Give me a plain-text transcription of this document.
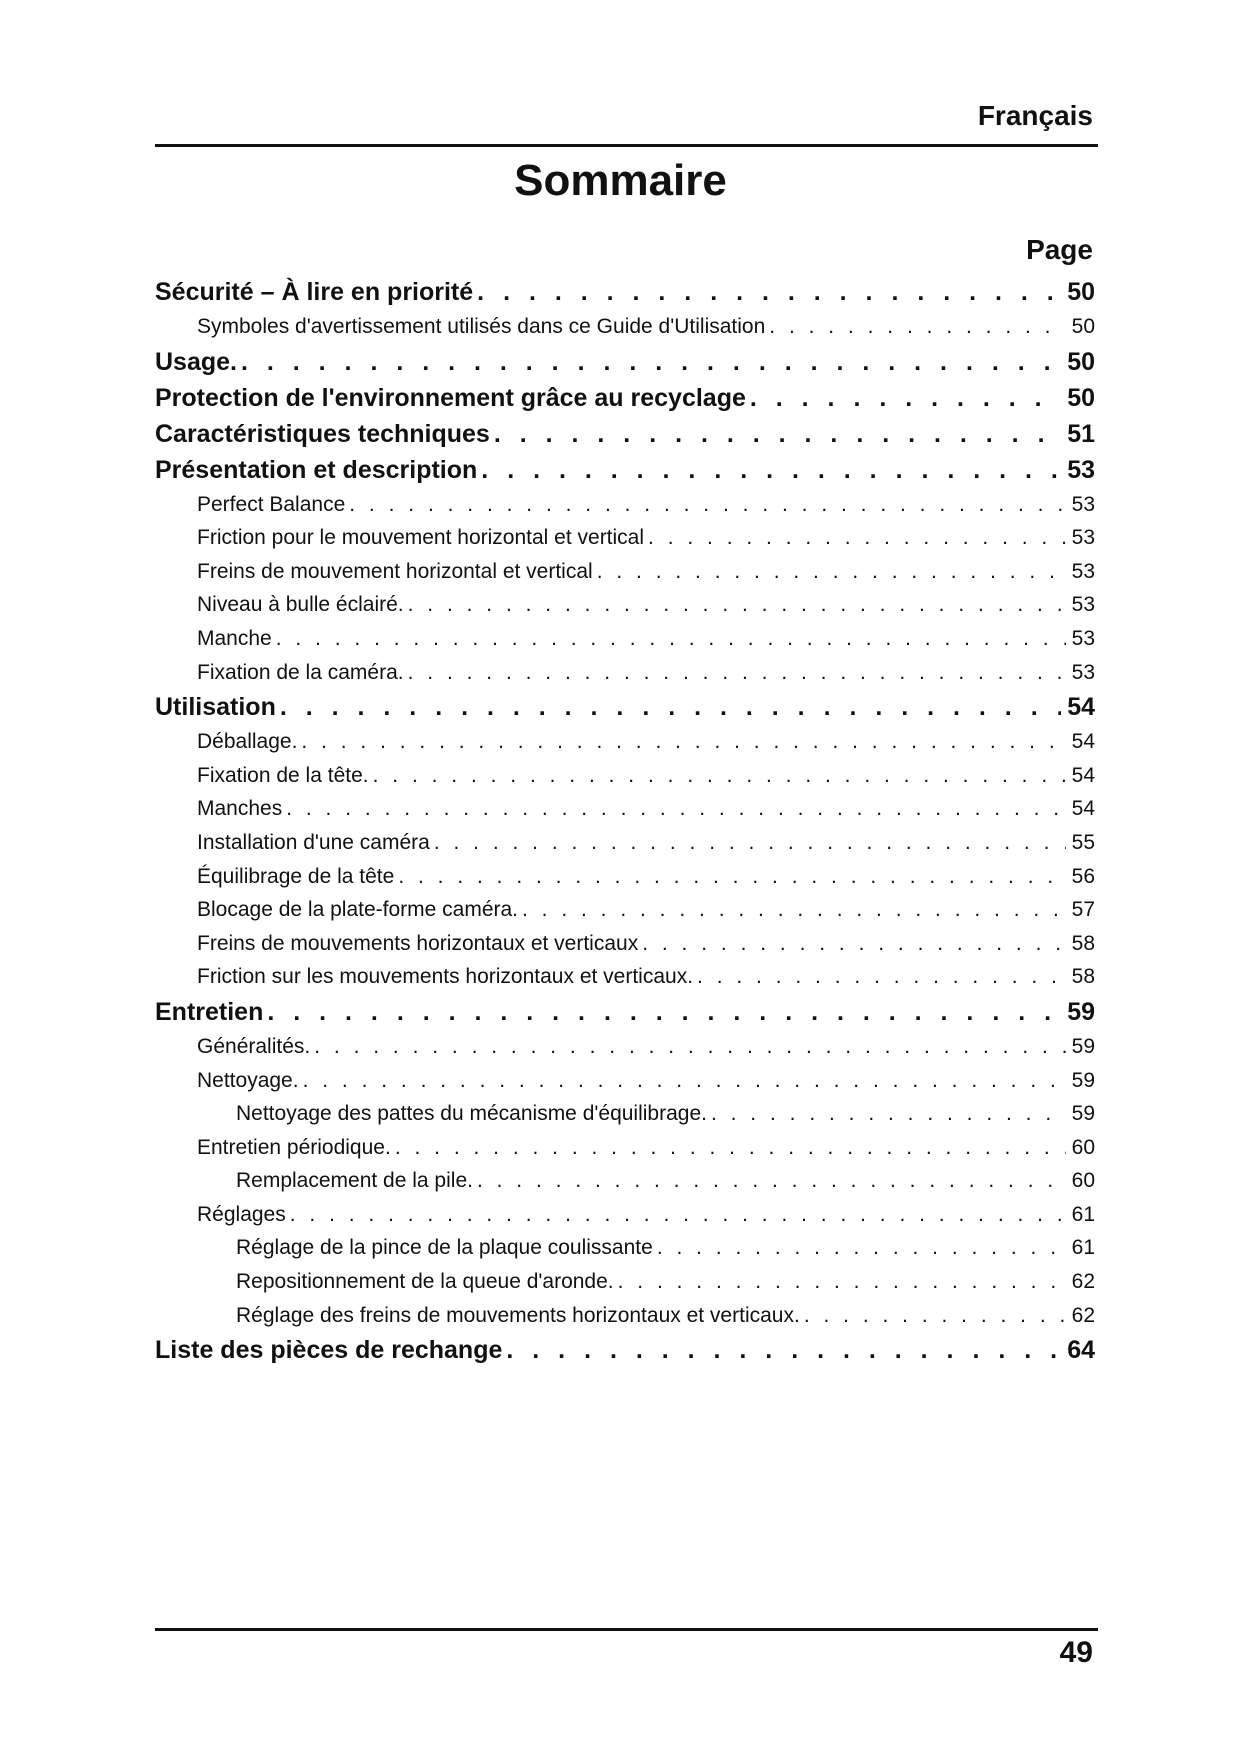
Français
Sommaire
Page
Sécurité – À lire en priorité . . .	50
Symboles d'avertissement utilisés dans ce Guide d'Utilisation . . .	50
Usage. . . .	50
Protection de l'environnement grâce au recyclage . . .	50
Caractéristiques techniques . . .	51
Présentation et description . . .	53
Perfect Balance . . .	53
Friction pour le mouvement horizontal et vertical . . .	53
Freins de mouvement horizontal et vertical . . .	53
Niveau à bulle éclairé. . . .	53
Manche . . .	53
Fixation de la caméra. . . .	53
Utilisation . . .	54
Déballage. . . .	54
Fixation de la tête. . . .	54
Manches . . .	54
Installation d'une caméra . . .	55
Équilibrage de la tête . . .	56
Blocage de la plate-forme caméra. . . .	57
Freins de mouvements horizontaux et verticaux . . .	58
Friction sur les mouvements horizontaux et verticaux. . . .	58
Entretien . . .	59
Généralités. . . .	59
Nettoyage. . . .	59
Nettoyage des pattes du mécanisme d'équilibrage. . . .	59
Entretien périodique. . . .	60
Remplacement de la pile. . . .	60
Réglages . . .	61
Réglage de la pince de la plaque coulissante . . .	61
Repositionnement de la queue d'aronde. . . .	62
Réglage des freins de mouvements horizontaux et verticaux. . . .	62
Liste des pièces de rechange . . .	64
49
